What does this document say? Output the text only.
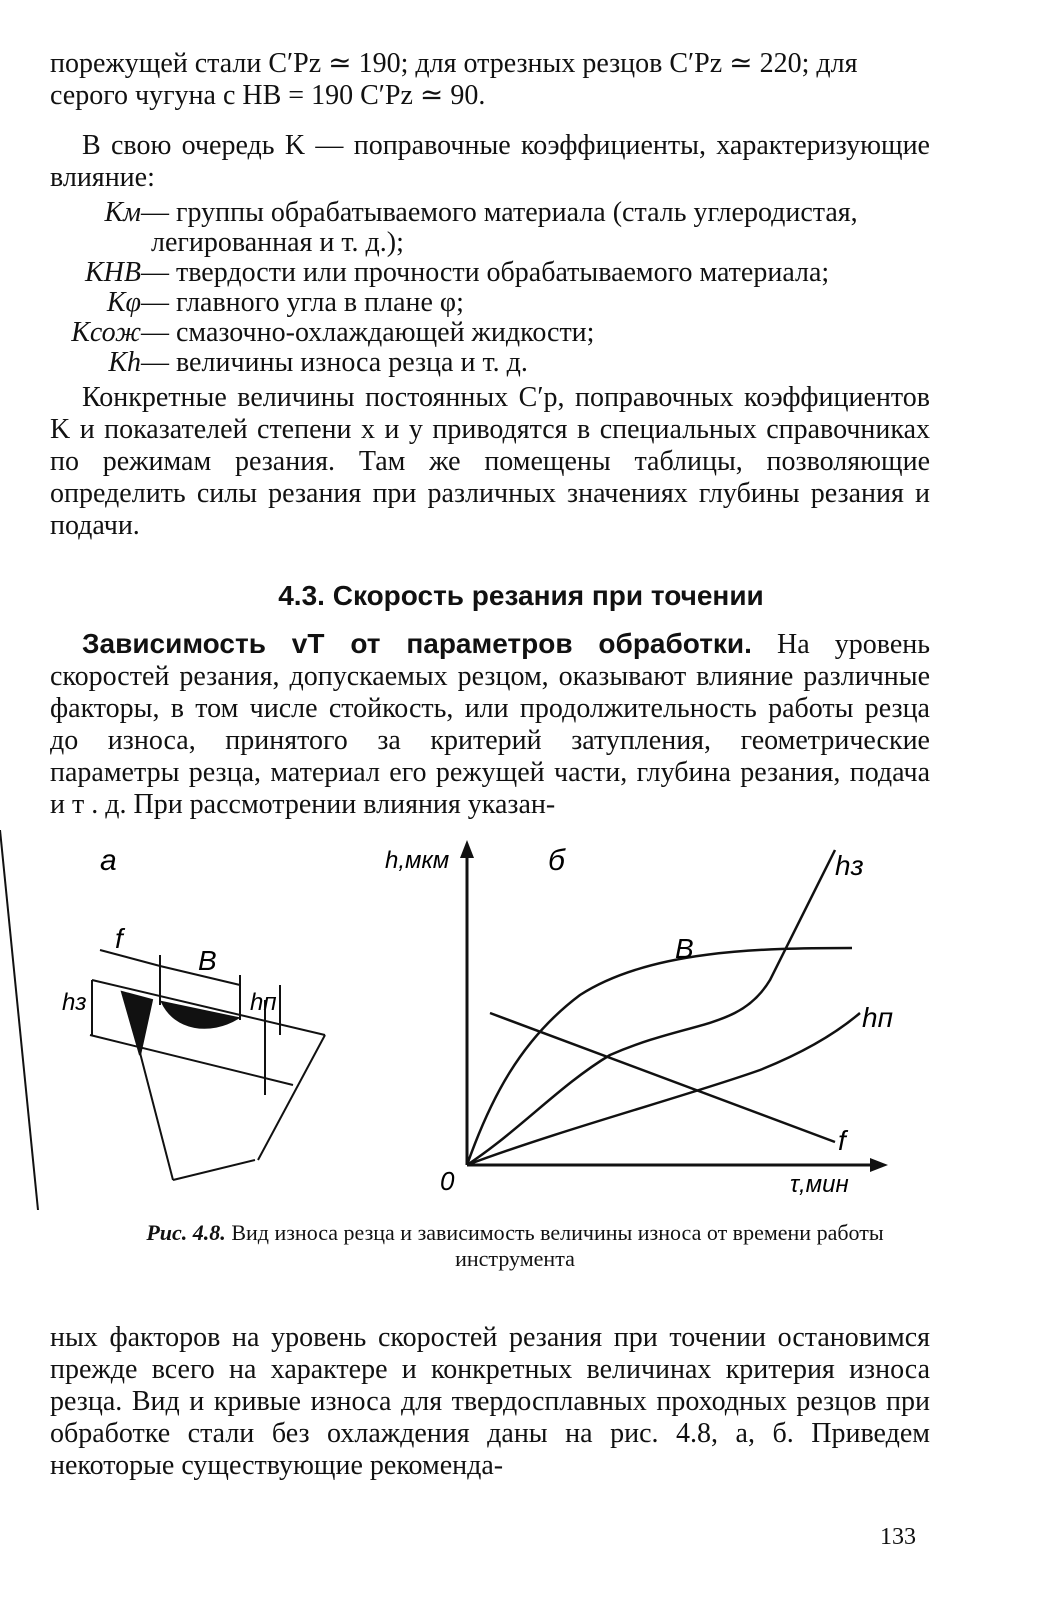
порежущей стали C′Pz ≃ 190; для отрезных резцов C′Pz ≃ 220; для
серого чугуна с HB = 190 C′Pz ≃ 90.
В свою очередь K — поправочные коэффициенты, характеризующие влияние:
Kм— группы обрабатываемого материала (сталь углеродистая,
легированная и т. д.);
KHB— твердости или прочности обрабатываемого материала;
Kφ— главного угла в плане φ;
Kсож— смазочно-охлаждающей жидкости;
Kh— величины износа резца и т. д.
Конкретные величины постоянных C′p, поправочных коэффициентов K и показателей степени x и y приводятся в специальных справочниках по режимам резания. Там же помещены таблицы, позволяющие определить силы резания при различных значениях глубины резания и подачи.
4.3. Скорость резания при точении
Зависимость vT от параметров обработки. На уровень скоростей резания, допускаемых резцом, оказывают влияние различные факторы, в том числе стойкость, или продолжительность работы резца до износа, принятого за критерий затупления, геометрические параметры резца, материал его режущей части, глубина резания, подача и т . д. При рассмотрении влияния указан-
а
f
B
hз	hп
б
h,мкм
τ,мин
0
hз
B
hп
f
Рис. 4.8. Вид износа резца и зависимость величины износа от времени работы инструмента
ных факторов на уровень скоростей резания при точении остановимся прежде всего на характере и конкретных величинах критерия износа резца. Вид и кривые износа для твердосплавных проходных резцов при обработке стали без охлаждения даны на рис. 4.8, а, б. Приведем некоторые существующие рекоменда-
133
